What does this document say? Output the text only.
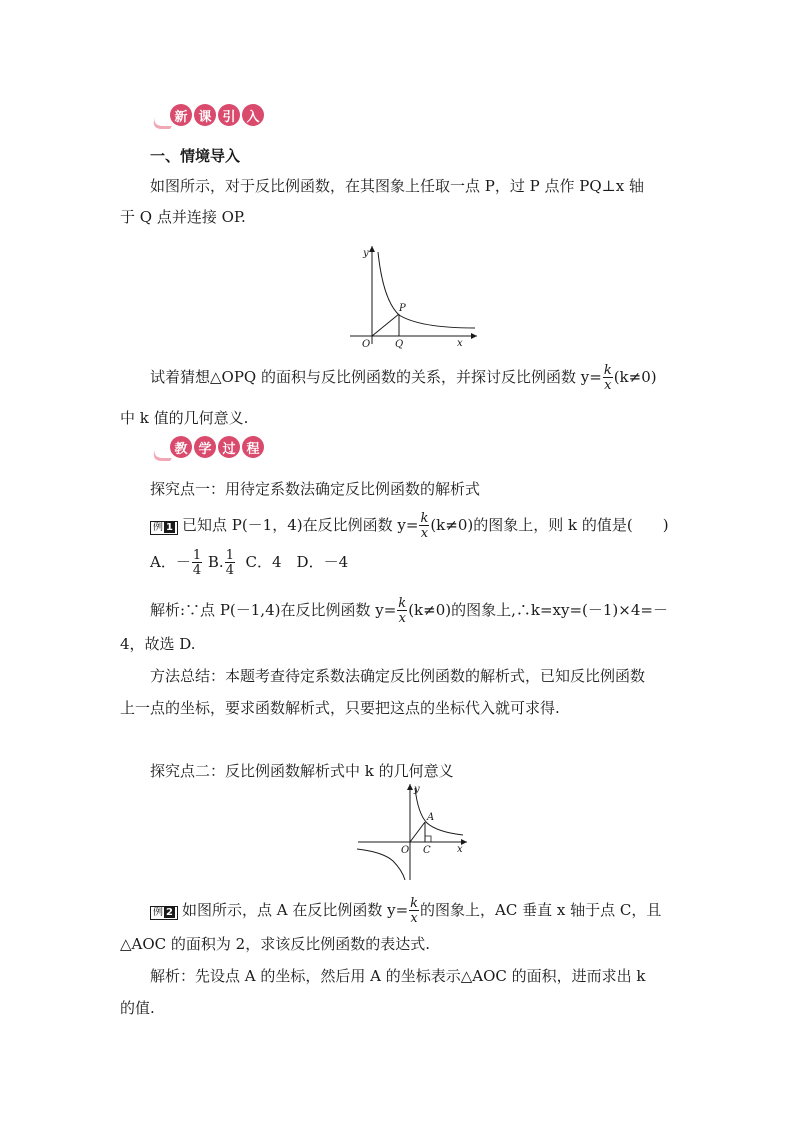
新 课 引 入
一、情境导入
如图所示，对于反比例函数，在其图象上任取一点 P，过 P 点作 PQ⊥x 轴
于 Q 点并连接 OP.
y
x
O Q
P
试着猜想△OPQ 的面积与反比例函数的关系，并探讨反比例函数 $y= \frac{k}{x} (k\ne 0)$
中 k 值的几何意义.
教 学 过 程
探究点一：用待定系数法确定反比例函数的解析式
例 1 已知点 P(－1，4)在反比例函数 $y= \frac{k}{x} (k\ne 0)$的图象上，则 k 的值是(　　)
A．－ $\frac{1}{4} B$. $\frac{1}{4}$ C．4　D．－4
解析:∵点 P(－1,4)在反比例函数 $y= \frac{k}{x} (k\ne 0)$的图象上,∴k=xy=(－1)×4=－
4，故选 D.
方法总结：本题考查待定系数法确定反比例函数的解析式，已知反比例函数
上一点的坐标，要求函数解析式，只要把这点的坐标代入就可求得.
探究点二：反比例函数解析式中 k 的几何意义
y
x
O C
A
例 2 如图所示，点 A 在反比例函数 $y= \frac{k}{x}$ 的图象上，AC 垂直 x 轴于点 C，且
△AOC 的面积为 2，求该反比例函数的表达式.
解析：先设点 A 的坐标，然后用 A 的坐标表示△AOC 的面积，进而求出 k
的值.
